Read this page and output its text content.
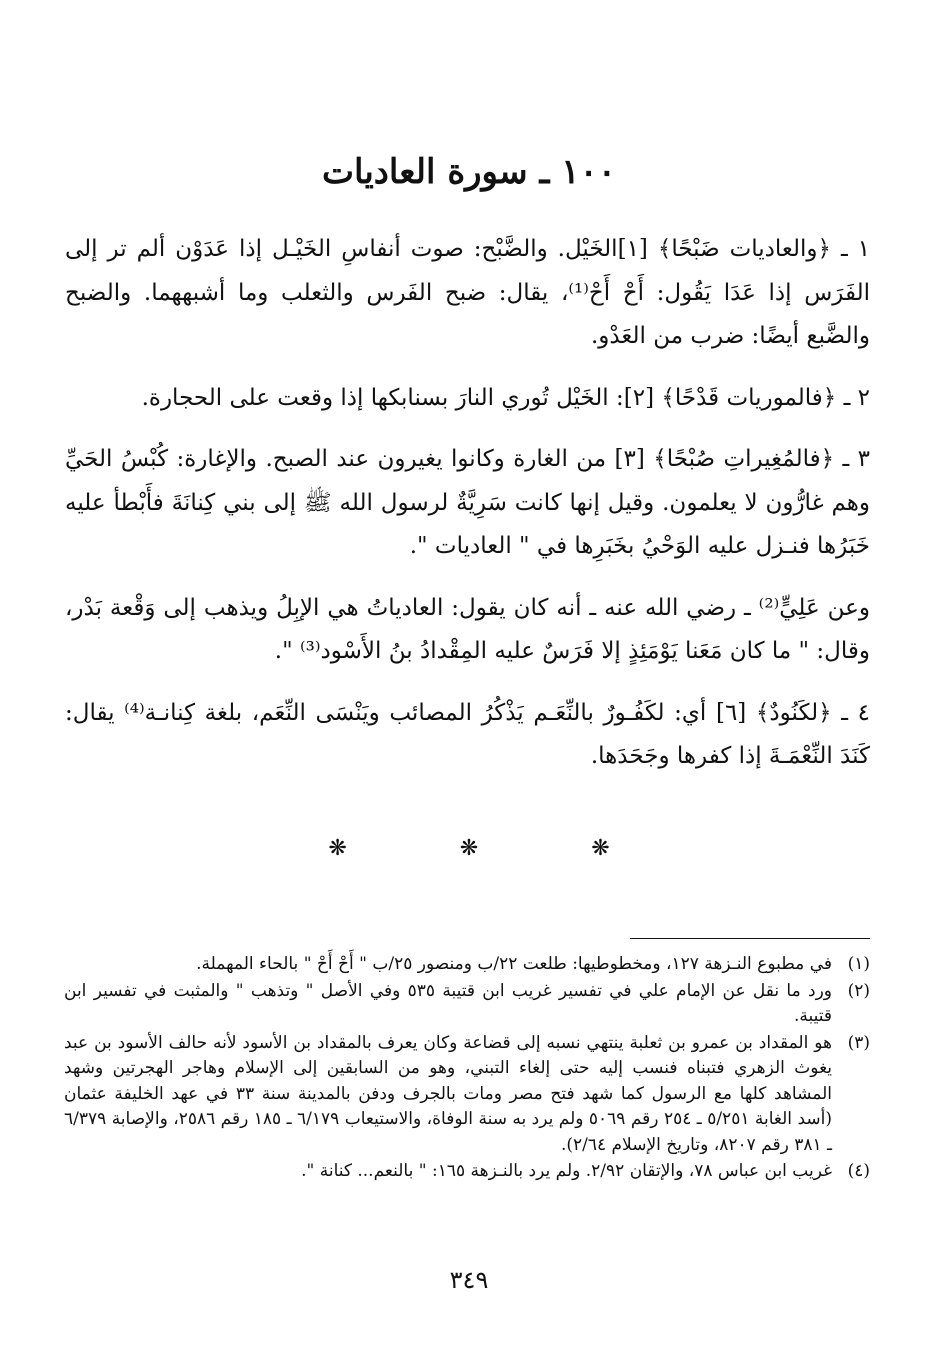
١٠٠ ـ سورة العاديات

١ ـ ﴿والعاديات ضَبْحًا﴾ [١]الخَيْل. والضَّبْح: صوت أنفاسِ الخَيْـل إذا عَدَوْن ألم تر إلى الفَرَس إذا عَدَا يَقُول: أَحْ أَحْ⁽¹⁾، يقال: ضبح الفَرس والثعلب وما أشبههما. والضبح والضَّبع أيضًا: ضرب من العَدْو.

٢ ـ ﴿فالموريات قَدْحًا﴾ [٢]: الخَيْل تُوري النارَ بسنابكها إذا وقعت على الحجارة.

٣ ـ ﴿فالمُغِيراتِ صُبْحًا﴾ [٣] من الغارة وكانوا يغيرون عند الصبح. والإغارة: كُبْسُ الحَيِّ وهم غارُّون لا يعلمون. وقيل إنها كانت سَرِيَّةٌ لرسول الله ﷺ إلى بني كِنانَةَ فأَبْطأ عليه خَبَرُها فنـزل عليه الوَحْيُ بخَبَرِها في " العاديات ".

وعن عَلِيٍّ⁽²⁾ ـ رضي الله عنه ـ أنه كان يقول: العادياتُ هي الإبِلُ ويذهب إلى وَقْعة بَدْر، وقال: " ما كان مَعَنا يَوْمَئِذٍ إلا فَرَسٌ عليه المِقْدادُ بنُ الأَسْود⁽³⁾ ".

٤ ـ ﴿لكَنُودٌ﴾ [٦] أي: لكَفُـورٌ بالنِّعَـم يَذْكُرُ المصائب ويَنْسَى النِّعَم، بلغة كِنانـة⁽⁴⁾ يقال: كَنَدَ النِّعْمَـةَ إذا كفرها وجَحَدَها.

❋	❋	❋
(١)
في مطبوع النـزهة ١٢٧، ومخطوطيها: طلعت ٢٢/ب ومنصور ٢٥/ب " أَحْ أَحْ " بالحاء المهملة.
(٢)
ورد ما نقل عن الإمام علي في تفسير غريب ابن قتيبة ٥٣٥ وفي الأصل " وتذهب " والمثبت في تفسير ابن قتيبة.
(٣)
هو المقداد بن عمرو بن ثعلبة ينتهي نسبه إلى قضاعة وكان يعرف بالمقداد بن الأسود لأنه حالف الأسود بن عبد يغوث الزهري فتبناه فنسب إليه حتى إلغاء التبني، وهو من السابقين إلى الإسلام وهاجر الهجرتين وشهد المشاهد كلها مع الرسول كما شهد فتح مصر ومات بالجرف ودفن بالمدينة سنة ٣٣ في عهد الخليفة عثمان (أسد الغابة ٥/٢٥١ ـ ٢٥٤ رقم ٥٠٦٩ ولم يرد به سنة الوفاة، والاستيعاب ٦/١٧٩ ـ ١٨٥ رقم ٢٥٨٦، والإصابة ٦/٣٧٩ ـ ٣٨١ رقم ٨٢٠٧، وتاريخ الإسلام ٢/٦٤).
(٤)
غريب ابن عباس ٧٨، والإتقان ٢/٩٢. ولم يرد بالنـزهة ١٦٥: " بالنعم... كنانة ".
٣٤٩
